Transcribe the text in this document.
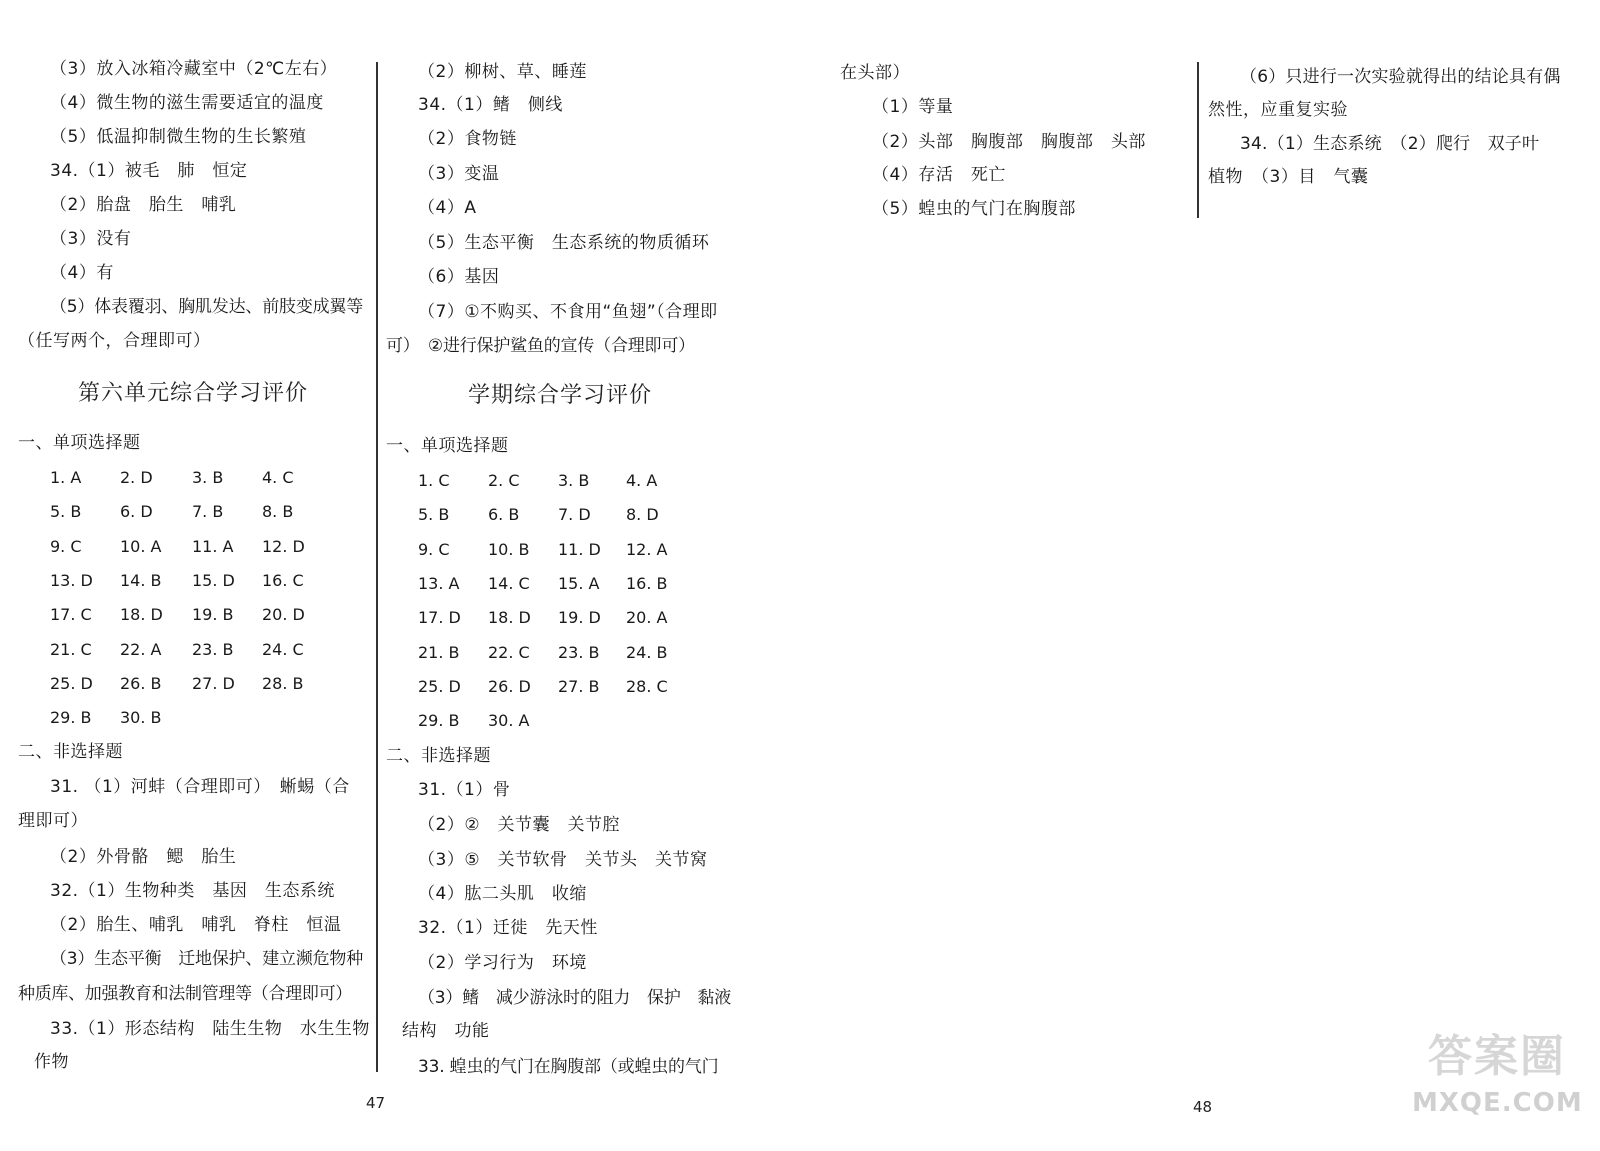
（3）放入冰箱冷藏室中（2℃左右）
（4）微生物的滋生需要适宜的温度
（5）低温抑制微生物的生长繁殖
34.（1）被毛　肺　恒定
（2）胎盘　胎生　哺乳
（3）没有
（4）有
（5）体表覆羽、胸肌发达、前肢变成翼等
（任写两个，合理即可）
第六单元综合学习评价
一、单项选择题
1. A 2. D 3. B 4. C
5. B 6. D 7. B 8. B
9. C 10. A 11. A 12. D
13. D 14. B 15. D 16. C
17. C 18. D 19. B 20. D
21. C 22. A 23. B 24. C
25. D 26. B 27. D 28. B
29. B 30. B
二、非选择题
31. （1）河蚌（合理即可）　蜥蜴（合
理即可）
（2）外骨骼　鳃　胎生
32.（1）生物种类　基因　生态系统
（2）胎生、哺乳　哺乳　脊柱　恒温
（3）生态平衡　迁地保护、建立濒危物种
种质库、加强教育和法制管理等（合理即可）
33.（1）形态结构　陆生生物　水生生物
作物
（2）柳树、草、睡莲
34.（1）鳍　侧线
（2）食物链
（3）变温
（4）A
（5）生态平衡　生态系统的物质循环
（6）基因
（7）①不购买、不食用“鱼翅”（合理即
可）　②进行保护鲨鱼的宣传（合理即可）
学期综合学习评价
一、单项选择题
1. C 2. C 3. B 4. A
5. B 6. B 7. D 8. D
9. C 10. B 11. D 12. A
13. A 14. C 15. A 16. B
17. D 18. D 19. D 20. A
21. B 22. C 23. B 24. B
25. D 26. D 27. B 28. C
29. B 30. A
二、非选择题
31.（1）骨
（2）②　关节囊　关节腔
（3）⑤　关节软骨　关节头　关节窝
（4）肱二头肌　收缩
32.（1）迁徙　先天性
（2）学习行为　环境
（3）鳍　减少游泳时的阻力　保护　黏液
结构　功能
33. 蝗虫的气门在胸腹部（或蝗虫的气门
47
在头部）
（1）等量
（2）头部　胸腹部　胸腹部　头部
（4）存活　死亡
（5）蝗虫的气门在胸腹部
（6）只进行一次实验就得出的结论具有偶
然性，应重复实验
34.（1）生态系统　（2）爬行　双子叶
植物　（3）目　气囊
48
答案圈
MXQE.COM
